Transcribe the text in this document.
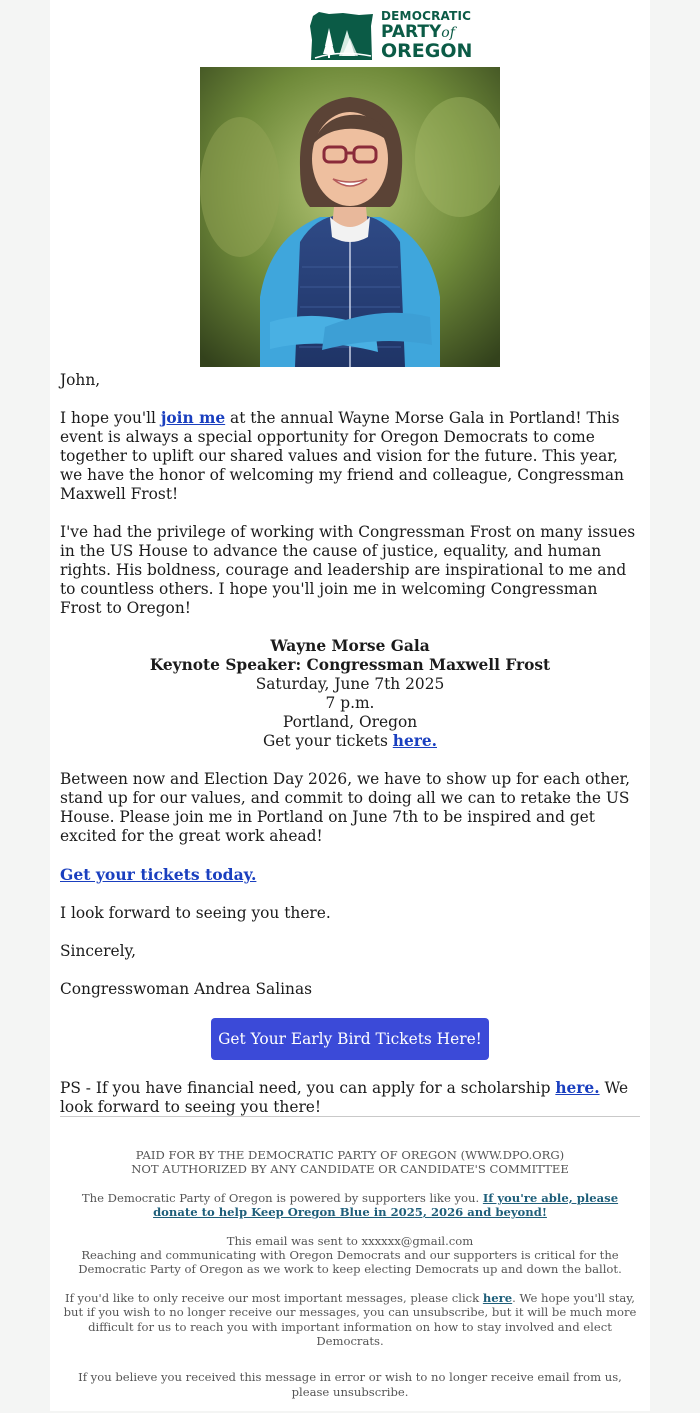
DEMOCRATIC
PARTYof
OREGON

John,

I hope you'll join me at the annual Wayne Morse Gala in Portland! This event is always a special opportunity for Oregon Democrats to come together to uplift our shared values and vision for the future. This year, we have the honor of welcoming my friend and colleague, Congressman Maxwell Frost!

I've had the privilege of working with Congressman Frost on many issues in the US House to advance the cause of justice, equality, and human rights. His boldness, courage and leadership are inspirational to me and to countless others. I hope you'll join me in welcoming Congressman Frost to Oregon!

Wayne Morse Gala
Keynote Speaker: Congressman Maxwell Frost
Saturday, June 7th 2025
7 p.m.
Portland, Oregon
Get your tickets here.

Between now and Election Day 2026, we have to show up for each other, stand up for our values, and commit to doing all we can to retake the US House. Please join me in Portland on June 7th to be inspired and get excited for the great work ahead!

Get your tickets today.

I look forward to seeing you there.

Sincerely,

Congresswoman Andrea Salinas

Get Your Early Bird Tickets Here!

PS - If you have financial need, you can apply for a scholarship here. We look forward to seeing you there!

PAID FOR BY THE DEMOCRATIC PARTY OF OREGON (WWW.DPO.ORG)
NOT AUTHORIZED BY ANY CANDIDATE OR CANDIDATE'S COMMITTEE

The Democratic Party of Oregon is powered by supporters like you. If you're able, please donate to help Keep Oregon Blue in 2025, 2026 and beyond!

This email was sent to xxxxxx@gmail.com
Reaching and communicating with Oregon Democrats and our supporters is critical for the Democratic Party of Oregon as we work to keep electing Democrats up and down the ballot.

If you'd like to only receive our most important messages, please click here. We hope you'll stay, but if you wish to no longer receive our messages, you can unsubscribe, but it will be much more difficult for us to reach you with important information on how to stay involved and elect Democrats.

If you believe you received this message in error or wish to no longer receive email from us, please unsubscribe.
